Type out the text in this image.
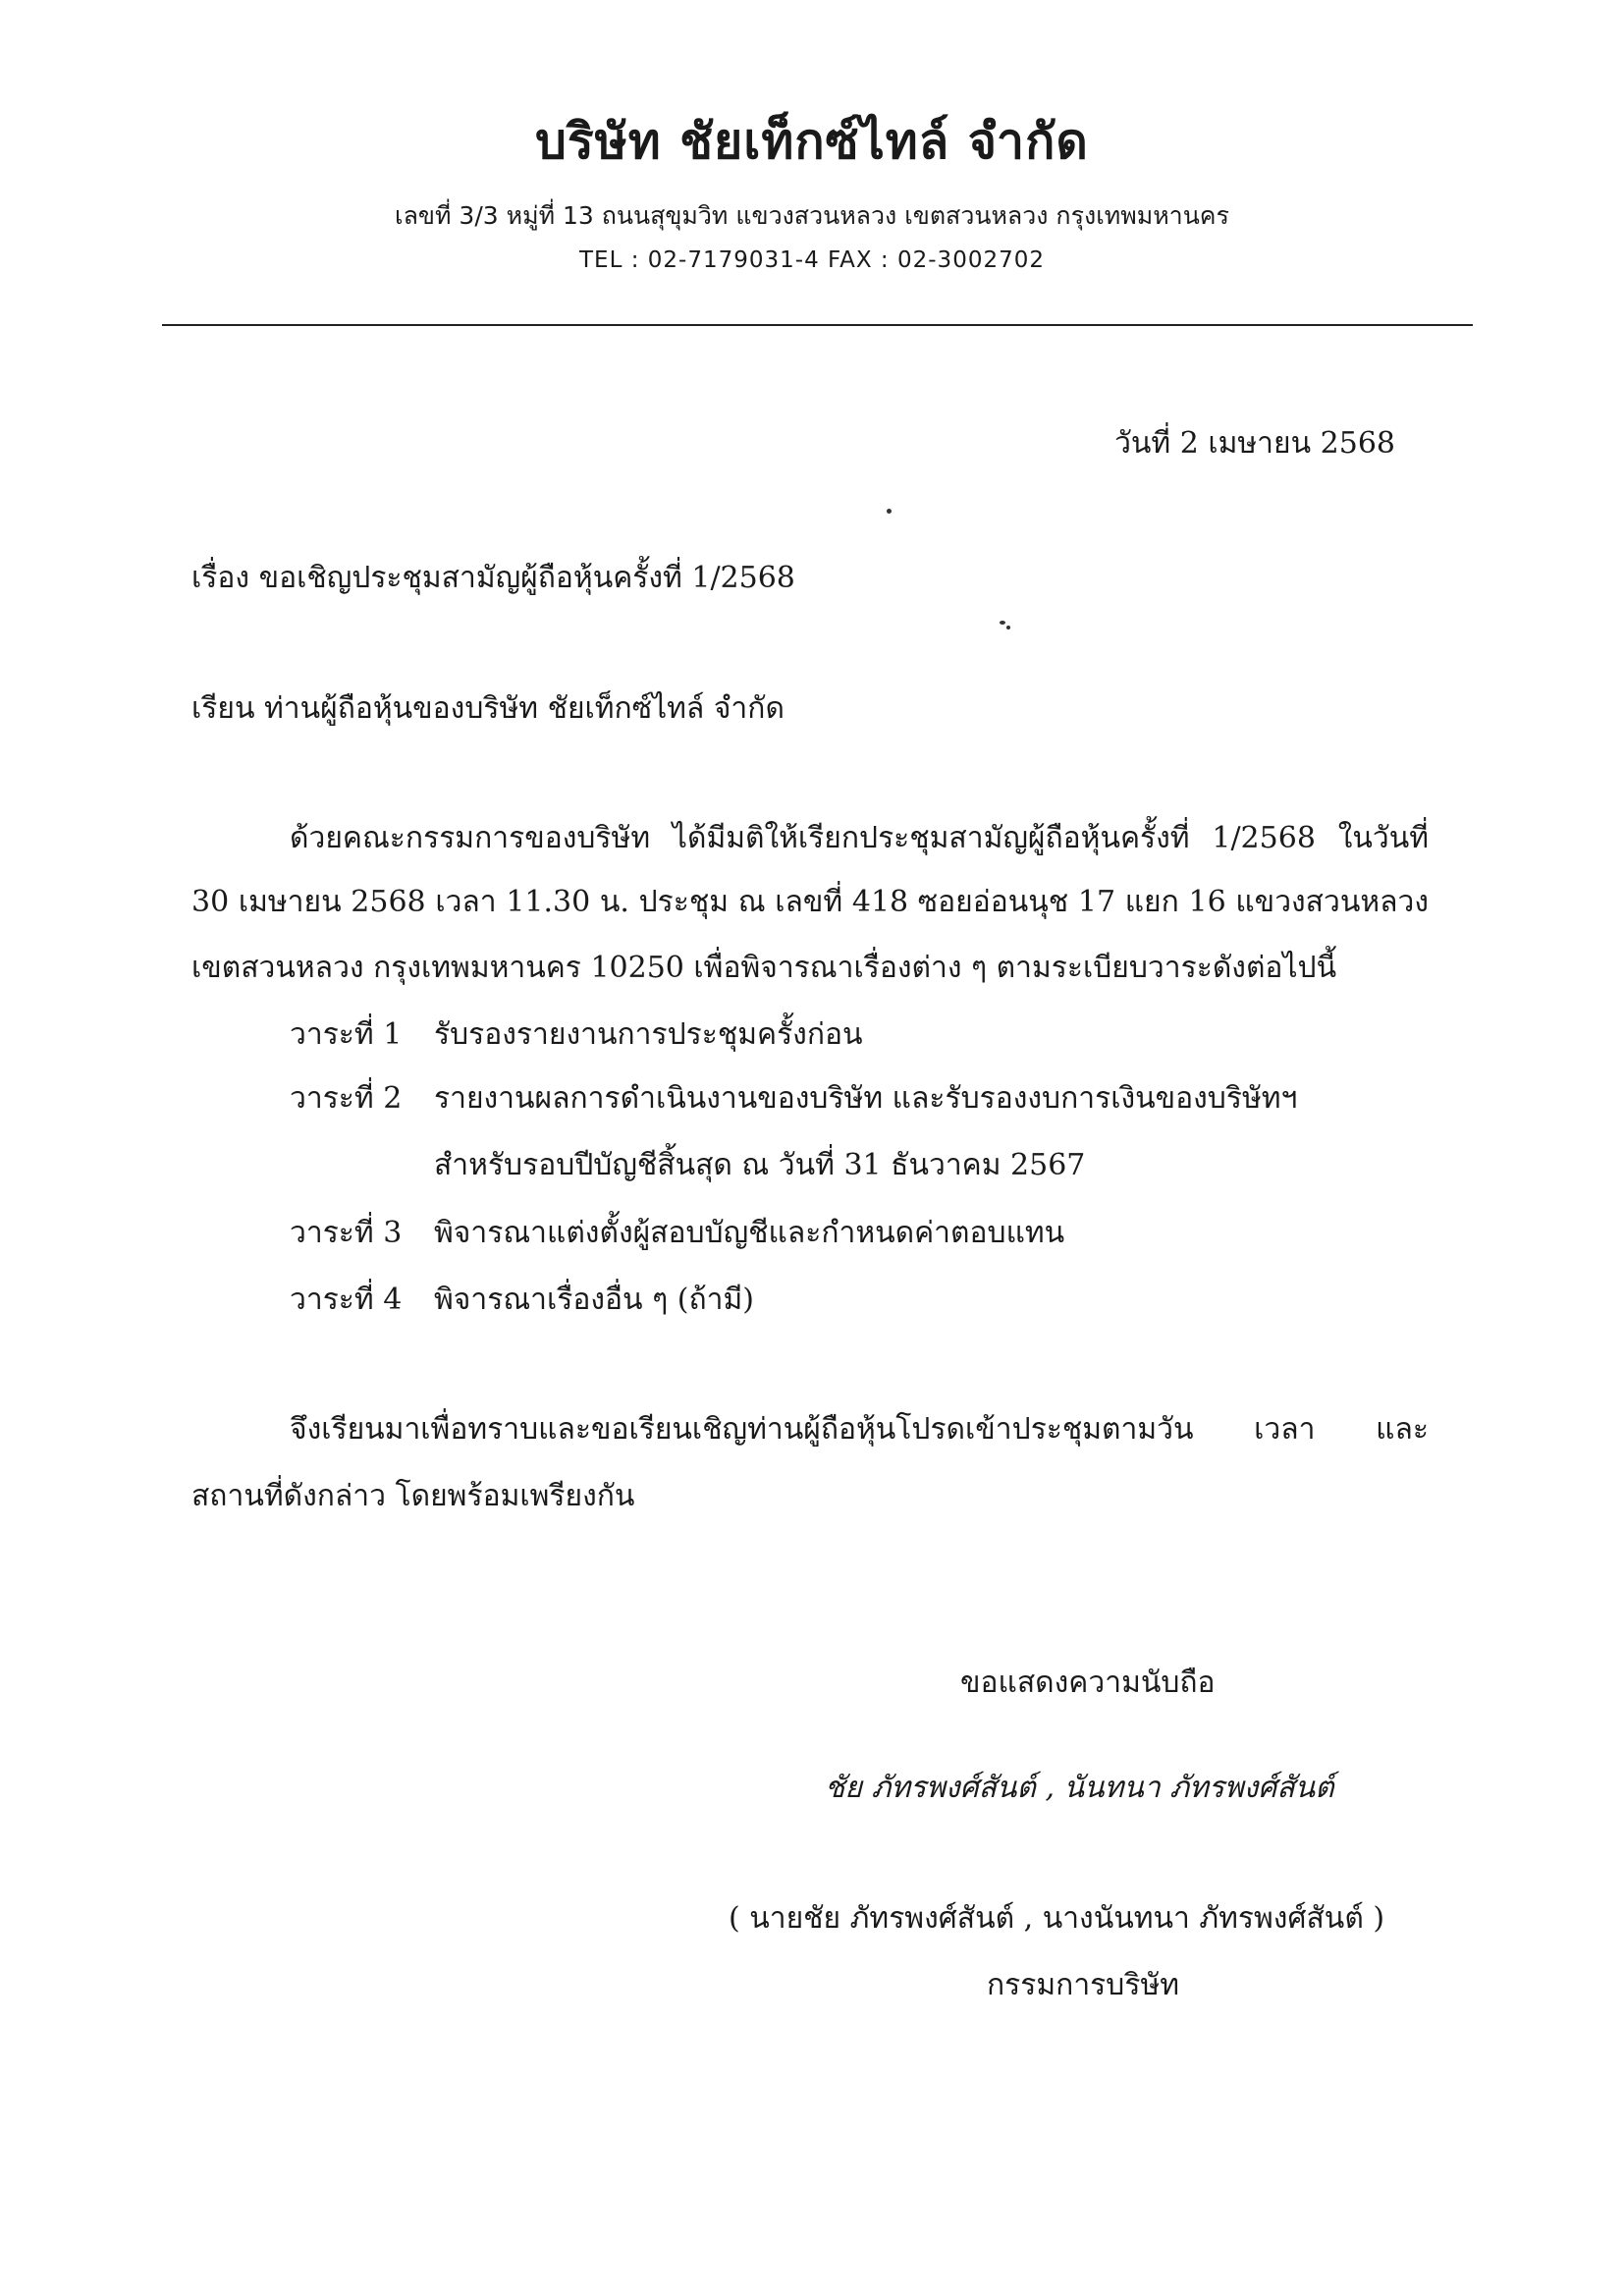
บริษัท ชัยเท็กซ์ไทล์ จำกัด
เลขที่ 3/3 หมู่ที่ 13 ถนนสุขุมวิท แขวงสวนหลวง เขตสวนหลวง กรุงเทพมหานคร
TEL : 02-7179031-4 FAX : 02-3002702
วันที่ 2 เมษายน 2568
เรื่อง ขอเชิญประชุมสามัญผู้ถือหุ้นครั้งที่ 1/2568
เรียน ท่านผู้ถือหุ้นของบริษัท ชัยเท็กซ์ไทล์ จำกัด
ด้วยคณะกรรมการของบริษัท ได้มีมติให้เรียกประชุมสามัญผู้ถือหุ้นครั้งที่ 1/2568 ในวันที่
30 เมษายน 2568 เวลา 11.30 น. ประชุม ณ เลขที่ 418 ซอยอ่อนนุช 17 แยก 16 แขวงสวนหลวง
เขตสวนหลวง กรุงเทพมหานคร 10250 เพื่อพิจารณาเรื่องต่าง ๆ ตามระเบียบวาระดังต่อไปนี้
วาระที่ 1 รับรองรายงานการประชุมครั้งก่อน
วาระที่ 2 รายงานผลการดำเนินงานของบริษัท และรับรองงบการเงินของบริษัทฯ
สำหรับรอบปีบัญชีสิ้นสุด ณ วันที่ 31 ธันวาคม 2567
วาระที่ 3 พิจารณาแต่งตั้งผู้สอบบัญชีและกำหนดค่าตอบแทน
วาระที่ 4 พิจารณาเรื่องอื่น ๆ (ถ้ามี)
จึงเรียนมาเพื่อทราบและขอเรียนเชิญท่านผู้ถือหุ้นโปรดเข้าประชุมตามวัน เวลา และ
สถานที่ดังกล่าว โดยพร้อมเพรียงกัน
ขอแสดงความนับถือ
ชัย ภัทรพงศ์สันต์ , นันทนา ภัทรพงศ์สันต์
( นายชัย ภัทรพงศ์สันต์ , นางนันทนา ภัทรพงศ์สันต์ )
กรรมการบริษัท
